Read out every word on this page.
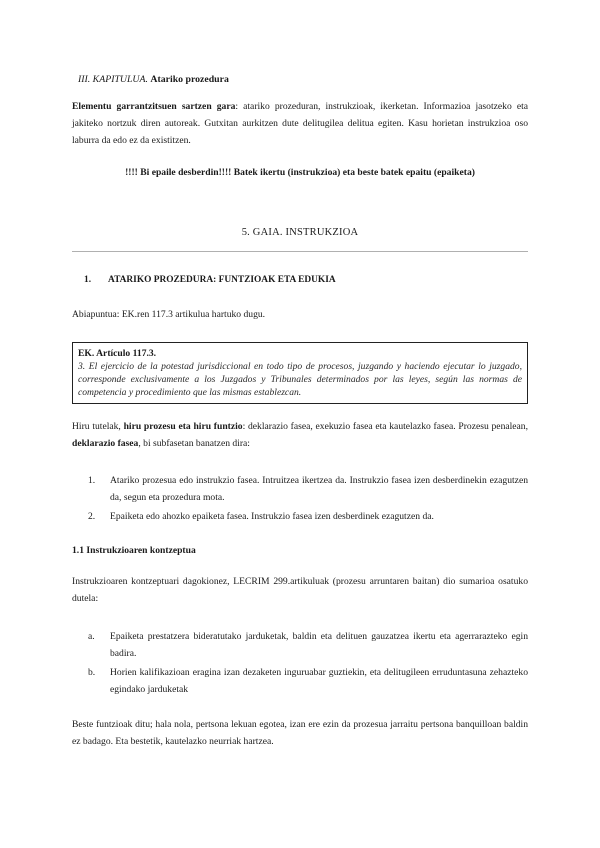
III. KAPITULUA. Atariko prozedura

Elementu garrantzitsuen sartzen gara: atariko prozeduran, instrukzioak, ikerketan. Informazioa jasotzeko eta jakiteko nortzuk diren autoreak. Gutxitan aurkitzen dute delitugilea delitua egiten. Kasu horietan instrukzioa oso laburra da edo ez da existitzen.

!!!! Bi epaile desberdin!!!! Batek ikertu (instrukzioa) eta beste batek epaitu (epaiketa)

5. GAIA. INSTRUKZIOA

1. ATARIKO PROZEDURA: FUNTZIOAK ETA EDUKIA

Abiapuntua: EK.ren 117.3 artikulua hartuko dugu.

EK. Artículo 117.3.
3. El ejercicio de la potestad jurisdiccional en todo tipo de procesos, juzgando y haciendo ejecutar lo juzgado, corresponde exclusivamente a los Juzgados y Tribunales determinados por las leyes, según las normas de competencia y procedimiento que las mismas establezcan.

Hiru tutelak, hiru prozesu eta hiru funtzio: deklarazio fasea, exekuzio fasea eta kautelazko fasea. Prozesu penalean, deklarazio fasea, bi subfasetan banatzen dira:

1.	Atariko prozesua edo instrukzio fasea. Intruitzea ikertzea da. Instrukzio fasea izen desberdinekin ezagutzen da, segun eta prozedura mota.
2.	Epaiketa edo ahozko epaiketa fasea. Instrukzio fasea izen desberdinek ezagutzen da.

1.1 Instrukzioaren kontzeptua

Instrukzioaren kontzeptuari dagokionez, LECRIM 299.artikuluak (prozesu arruntaren baitan) dio sumarioa osatuko dutela:

a.	Epaiketa prestatzera bideratutako jarduketak, baldin eta delituen gauzatzea ikertu eta agerrarazteko egin badira.
b.	Horien kalifikazioan eragina izan dezaketen inguruabar guztiekin, eta delitugileen erruduntasuna zehazteko egindako jarduketak

Beste funtzioak ditu; hala nola, pertsona lekuan egotea, izan ere ezin da prozesua jarraitu pertsona banquilloan baldin ez badago. Eta bestetik, kautelazko neurriak hartzea.
